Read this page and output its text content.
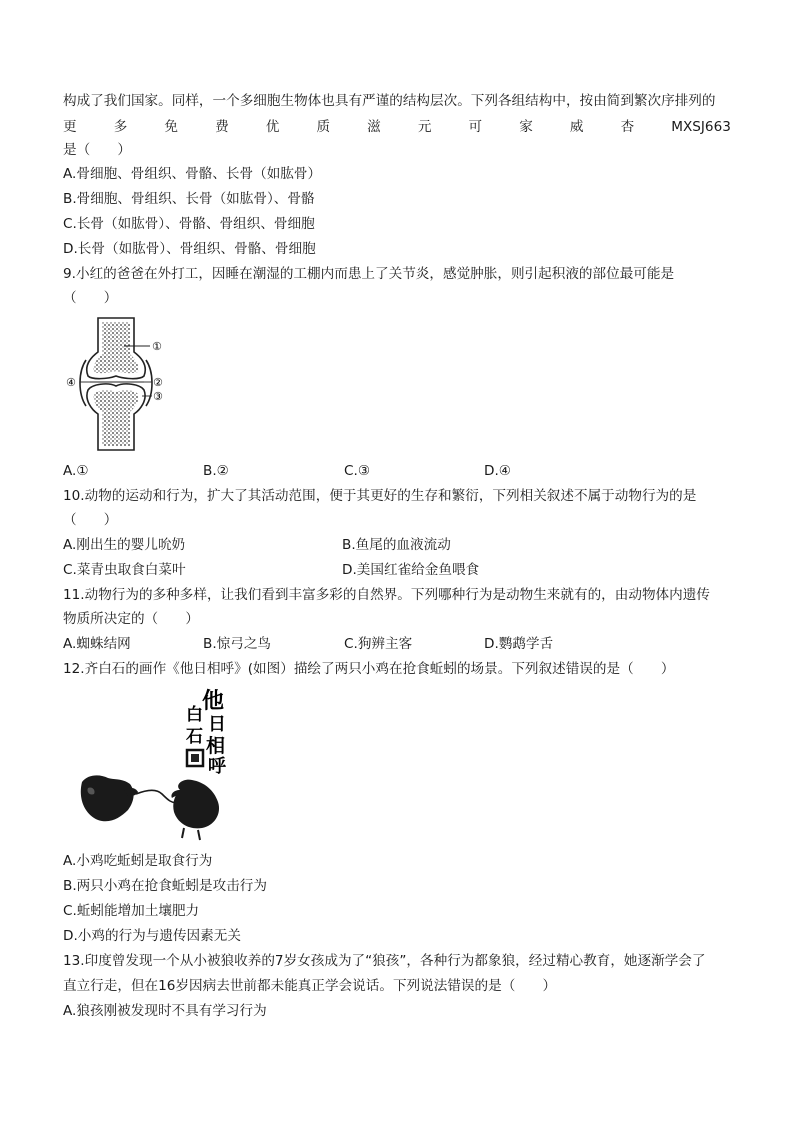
构成了我们国家。同样，一个多细胞生物体也具有严谨的结构层次。下列各组结构中，按由简到繁次序排列的
更	多	免	费	优	质	滋	元	可	家	威	杏	MXSJ663
是（　　）
A.骨细胞、骨组织、骨骼、长骨（如肱骨）
B.骨细胞、骨组织、长骨（如肱骨）、骨骼
C.长骨（如肱骨）、骨骼、骨组织、骨细胞
D.长骨（如肱骨）、骨组织、骨骼、骨细胞
9.小红的爸爸在外打工，因睡在潮湿的工棚内而患上了关节炎，感觉肿胀，则引起积液的部位最可能是
（　　）
①
②
③
④
A.①	B.②	C.③	D.④
10.动物的运动和行为，扩大了其活动范围，便于其更好的生存和繁衍，下列相关叙述不属于动物行为的是
（　　）
A.刚出生的婴儿吮奶	B.鱼尾的血液流动
C.菜青虫取食白菜叶	D.美国红雀给金鱼喂食
11.动物行为的多种多样，让我们看到丰富多彩的自然界。下列哪种行为是动物生来就有的，由动物体内遗传
物质所决定的（　　）
A.蜘蛛结网	B.惊弓之鸟	C.狗辨主客	D.鹦鹉学舌
12.齐白石的画作《他日相呼》(如图）描绘了两只小鸡在抢食蚯蚓的场景。下列叙述错误的是（　　）
他
日
相
呼
白
石
A.小鸡吃蚯蚓是取食行为
B.两只小鸡在抢食蚯蚓是攻击行为
C.蚯蚓能增加土壤肥力
D.小鸡的行为与遗传因素无关
13.印度曾发现一个从小被狼收养的7岁女孩成为了“狼孩”，各种行为都象狼，经过精心教育，她逐渐学会了
直立行走，但在16岁因病去世前都未能真正学会说话。下列说法错误的是（　　）
A.狼孩刚被发现时不具有学习行为
